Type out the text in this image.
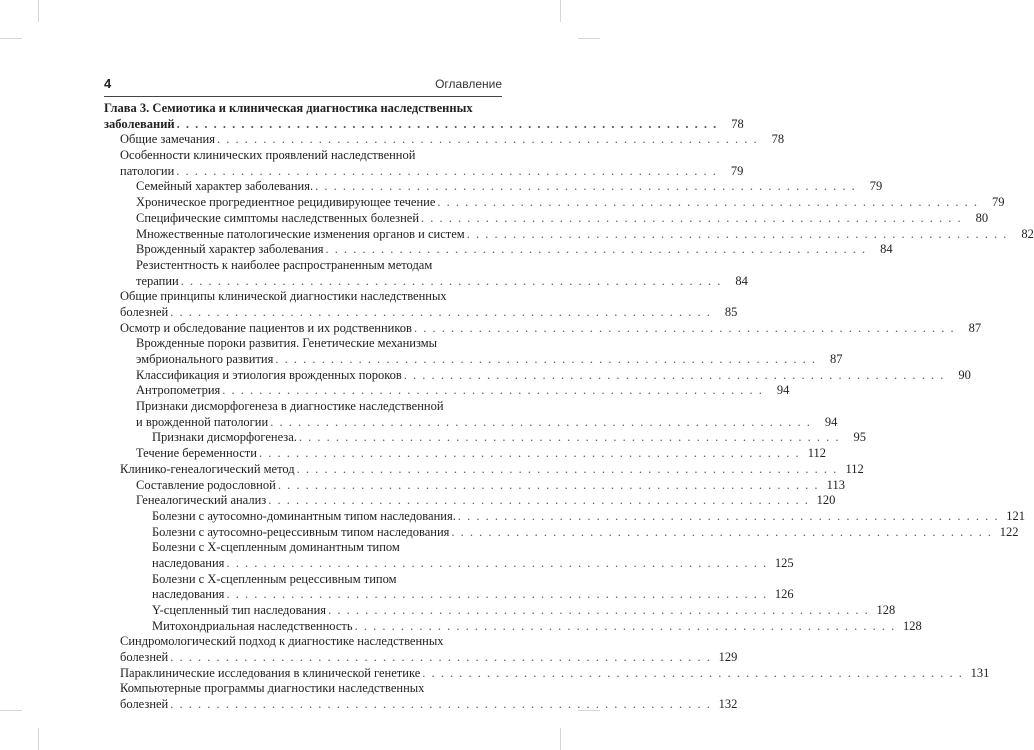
4	Оглавление
Глава 3. Семиотика и клиническая диагностика наследственных
заболеваний . . . . . . . . . . . . . . . . . . . . . . . . . . . . . . . . . . . . . . . . . . . . . . . . . . . . . . . . . . .	78
Общие замечания . . . . . . . . . . . . . . . . . . . . . . . . . . . . . . . . . . . . . . . . . . . . . . . . . . . . . . . . . . .	78
Особенности клинических проявлений наследственной
патологии . . . . . . . . . . . . . . . . . . . . . . . . . . . . . . . . . . . . . . . . . . . . . . . . . . . . . . . . . . .	79
Семейный характер заболевания. . . . . . . . . . . . . . . . . . . . . . . . . . . . . . . . . . . . . . . . . . . . . . . . . . . . . . . . . . . .	79
Хроническое прогредиентное рецидивирующее течение . . . . . . . . . . . . . . . . . . . . . . . . . . . . . . . . . . . . . . . . . . . . . . . . . . . . . . . . . . .	79
Специфические симптомы наследственных болезней . . . . . . . . . . . . . . . . . . . . . . . . . . . . . . . . . . . . . . . . . . . . . . . . . . . . . . . . . . .	80
Множественные патологические изменения органов и систем . . . . . . . . . . . . . . . . . . . . . . . . . . . . . . . . . . . . . . . . . . . . . . . . . . . . . . . . . . .	82
Врожденный характер заболевания . . . . . . . . . . . . . . . . . . . . . . . . . . . . . . . . . . . . . . . . . . . . . . . . . . . . . . . . . . .	84
Резистентность к наиболее распространенным методам
терапии . . . . . . . . . . . . . . . . . . . . . . . . . . . . . . . . . . . . . . . . . . . . . . . . . . . . . . . . . . .	84
Общие принципы клинической диагностики наследственных
болезней . . . . . . . . . . . . . . . . . . . . . . . . . . . . . . . . . . . . . . . . . . . . . . . . . . . . . . . . . . .	85
Осмотр и обследование пациентов и их родственников . . . . . . . . . . . . . . . . . . . . . . . . . . . . . . . . . . . . . . . . . . . . . . . . . . . . . . . . . . .	87
Врожденные пороки развития. Генетические механизмы
эмбрионального развития . . . . . . . . . . . . . . . . . . . . . . . . . . . . . . . . . . . . . . . . . . . . . . . . . . . . . . . . . . .	87
Классификация и этиология врожденных пороков . . . . . . . . . . . . . . . . . . . . . . . . . . . . . . . . . . . . . . . . . . . . . . . . . . . . . . . . . . .	90
Антропометрия . . . . . . . . . . . . . . . . . . . . . . . . . . . . . . . . . . . . . . . . . . . . . . . . . . . . . . . . . . .	94
Признаки дисморфогенеза в диагностике наследственной
и врожденной патологии . . . . . . . . . . . . . . . . . . . . . . . . . . . . . . . . . . . . . . . . . . . . . . . . . . . . . . . . . . .	94
Признаки дисморфогенеза. . . . . . . . . . . . . . . . . . . . . . . . . . . . . . . . . . . . . . . . . . . . . . . . . . . . . . . . . . . .	95
Течение беременности . . . . . . . . . . . . . . . . . . . . . . . . . . . . . . . . . . . . . . . . . . . . . . . . . . . . . . . . . . . 112
Клинико-генеалогический метод . . . . . . . . . . . . . . . . . . . . . . . . . . . . . . . . . . . . . . . . . . . . . . . . . . . . . . . . . . . 112
Составление родословной . . . . . . . . . . . . . . . . . . . . . . . . . . . . . . . . . . . . . . . . . . . . . . . . . . . . . . . . . . . 113
Генеалогический анализ . . . . . . . . . . . . . . . . . . . . . . . . . . . . . . . . . . . . . . . . . . . . . . . . . . . . . . . . . . . 120
Болезни с аутосомно-доминантным типом наследования. . . . . . . . . . . . . . . . . . . . . . . . . . . . . . . . . . . . . . . . . . . . . . . . . . . . . . . . . . . . 121
Болезни с аутосомно-рецессивным типом наследования . . . . . . . . . . . . . . . . . . . . . . . . . . . . . . . . . . . . . . . . . . . . . . . . . . . . . . . . . . . 122
Болезни с X-сцепленным доминантным типом
наследования . . . . . . . . . . . . . . . . . . . . . . . . . . . . . . . . . . . . . . . . . . . . . . . . . . . . . . . . . . . 125
Болезни с X-сцепленным рецессивным типом
наследования . . . . . . . . . . . . . . . . . . . . . . . . . . . . . . . . . . . . . . . . . . . . . . . . . . . . . . . . . . . 126
Y-сцепленный тип наследования . . . . . . . . . . . . . . . . . . . . . . . . . . . . . . . . . . . . . . . . . . . . . . . . . . . . . . . . . . . 128
Митохондриальная наследственность . . . . . . . . . . . . . . . . . . . . . . . . . . . . . . . . . . . . . . . . . . . . . . . . . . . . . . . . . . . 128
Синдромологический подход к диагностике наследственных
болезней . . . . . . . . . . . . . . . . . . . . . . . . . . . . . . . . . . . . . . . . . . . . . . . . . . . . . . . . . . . 129
Параклинические исследования в клинической генетике . . . . . . . . . . . . . . . . . . . . . . . . . . . . . . . . . . . . . . . . . . . . . . . . . . . . . . . . . . . 131
Компьютерные программы диагностики наследственных
болезней . . . . . . . . . . . . . . . . . . . . . . . . . . . . . . . . . . . . . . . . . . . . . . . . . . . . . . . . . . . 132
